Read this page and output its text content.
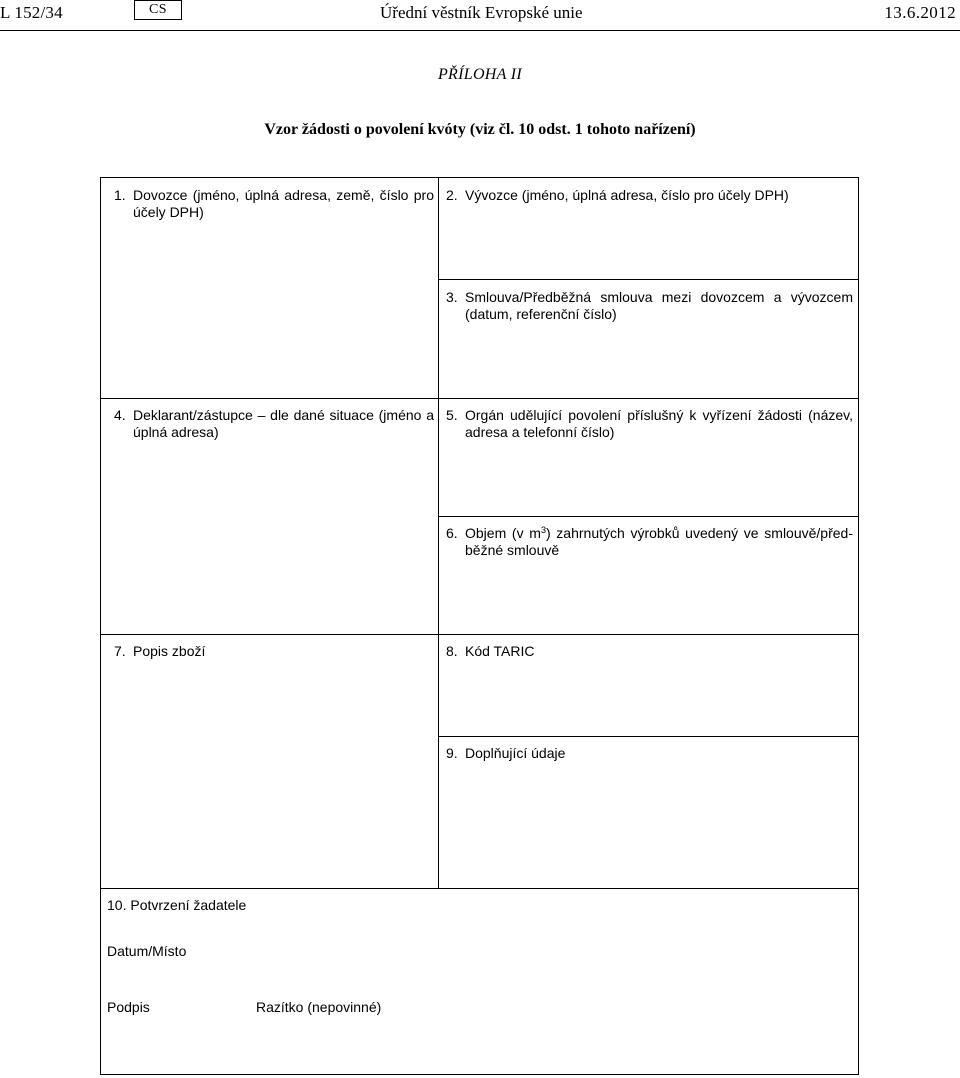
L 152/34	CS	Úřední věstník Evropské unie	13.6.2012
PŘÍLOHA II
Vzor žádosti o povolení kvóty (viz čl. 10 odst. 1 tohoto nařízení)
1. Dovozce (jméno, úplná adresa, země, číslo pro účely DPH)
2. Vývozce (jméno, úplná adresa, číslo pro účely DPH)
3. Smlouva/Předběžná smlouva mezi dovozcem a vývozcem (datum, referenční číslo)
4. Deklarant/zástupce – dle dané situace (jméno a úplná adresa)
5. Orgán udělující povolení příslušný k vyřízení žádosti (název, adresa a telefonní číslo)
6. Objem (v $m^3$) zahrnutých výrobků uvedený ve smlouvě/předběžné smlouvě
7. Popis zboží	8. Kód TARIC
9. Doplňující údaje
10. Potvrzení žadatele
Datum/Místo
Podpis	Razítko (nepovinné)
